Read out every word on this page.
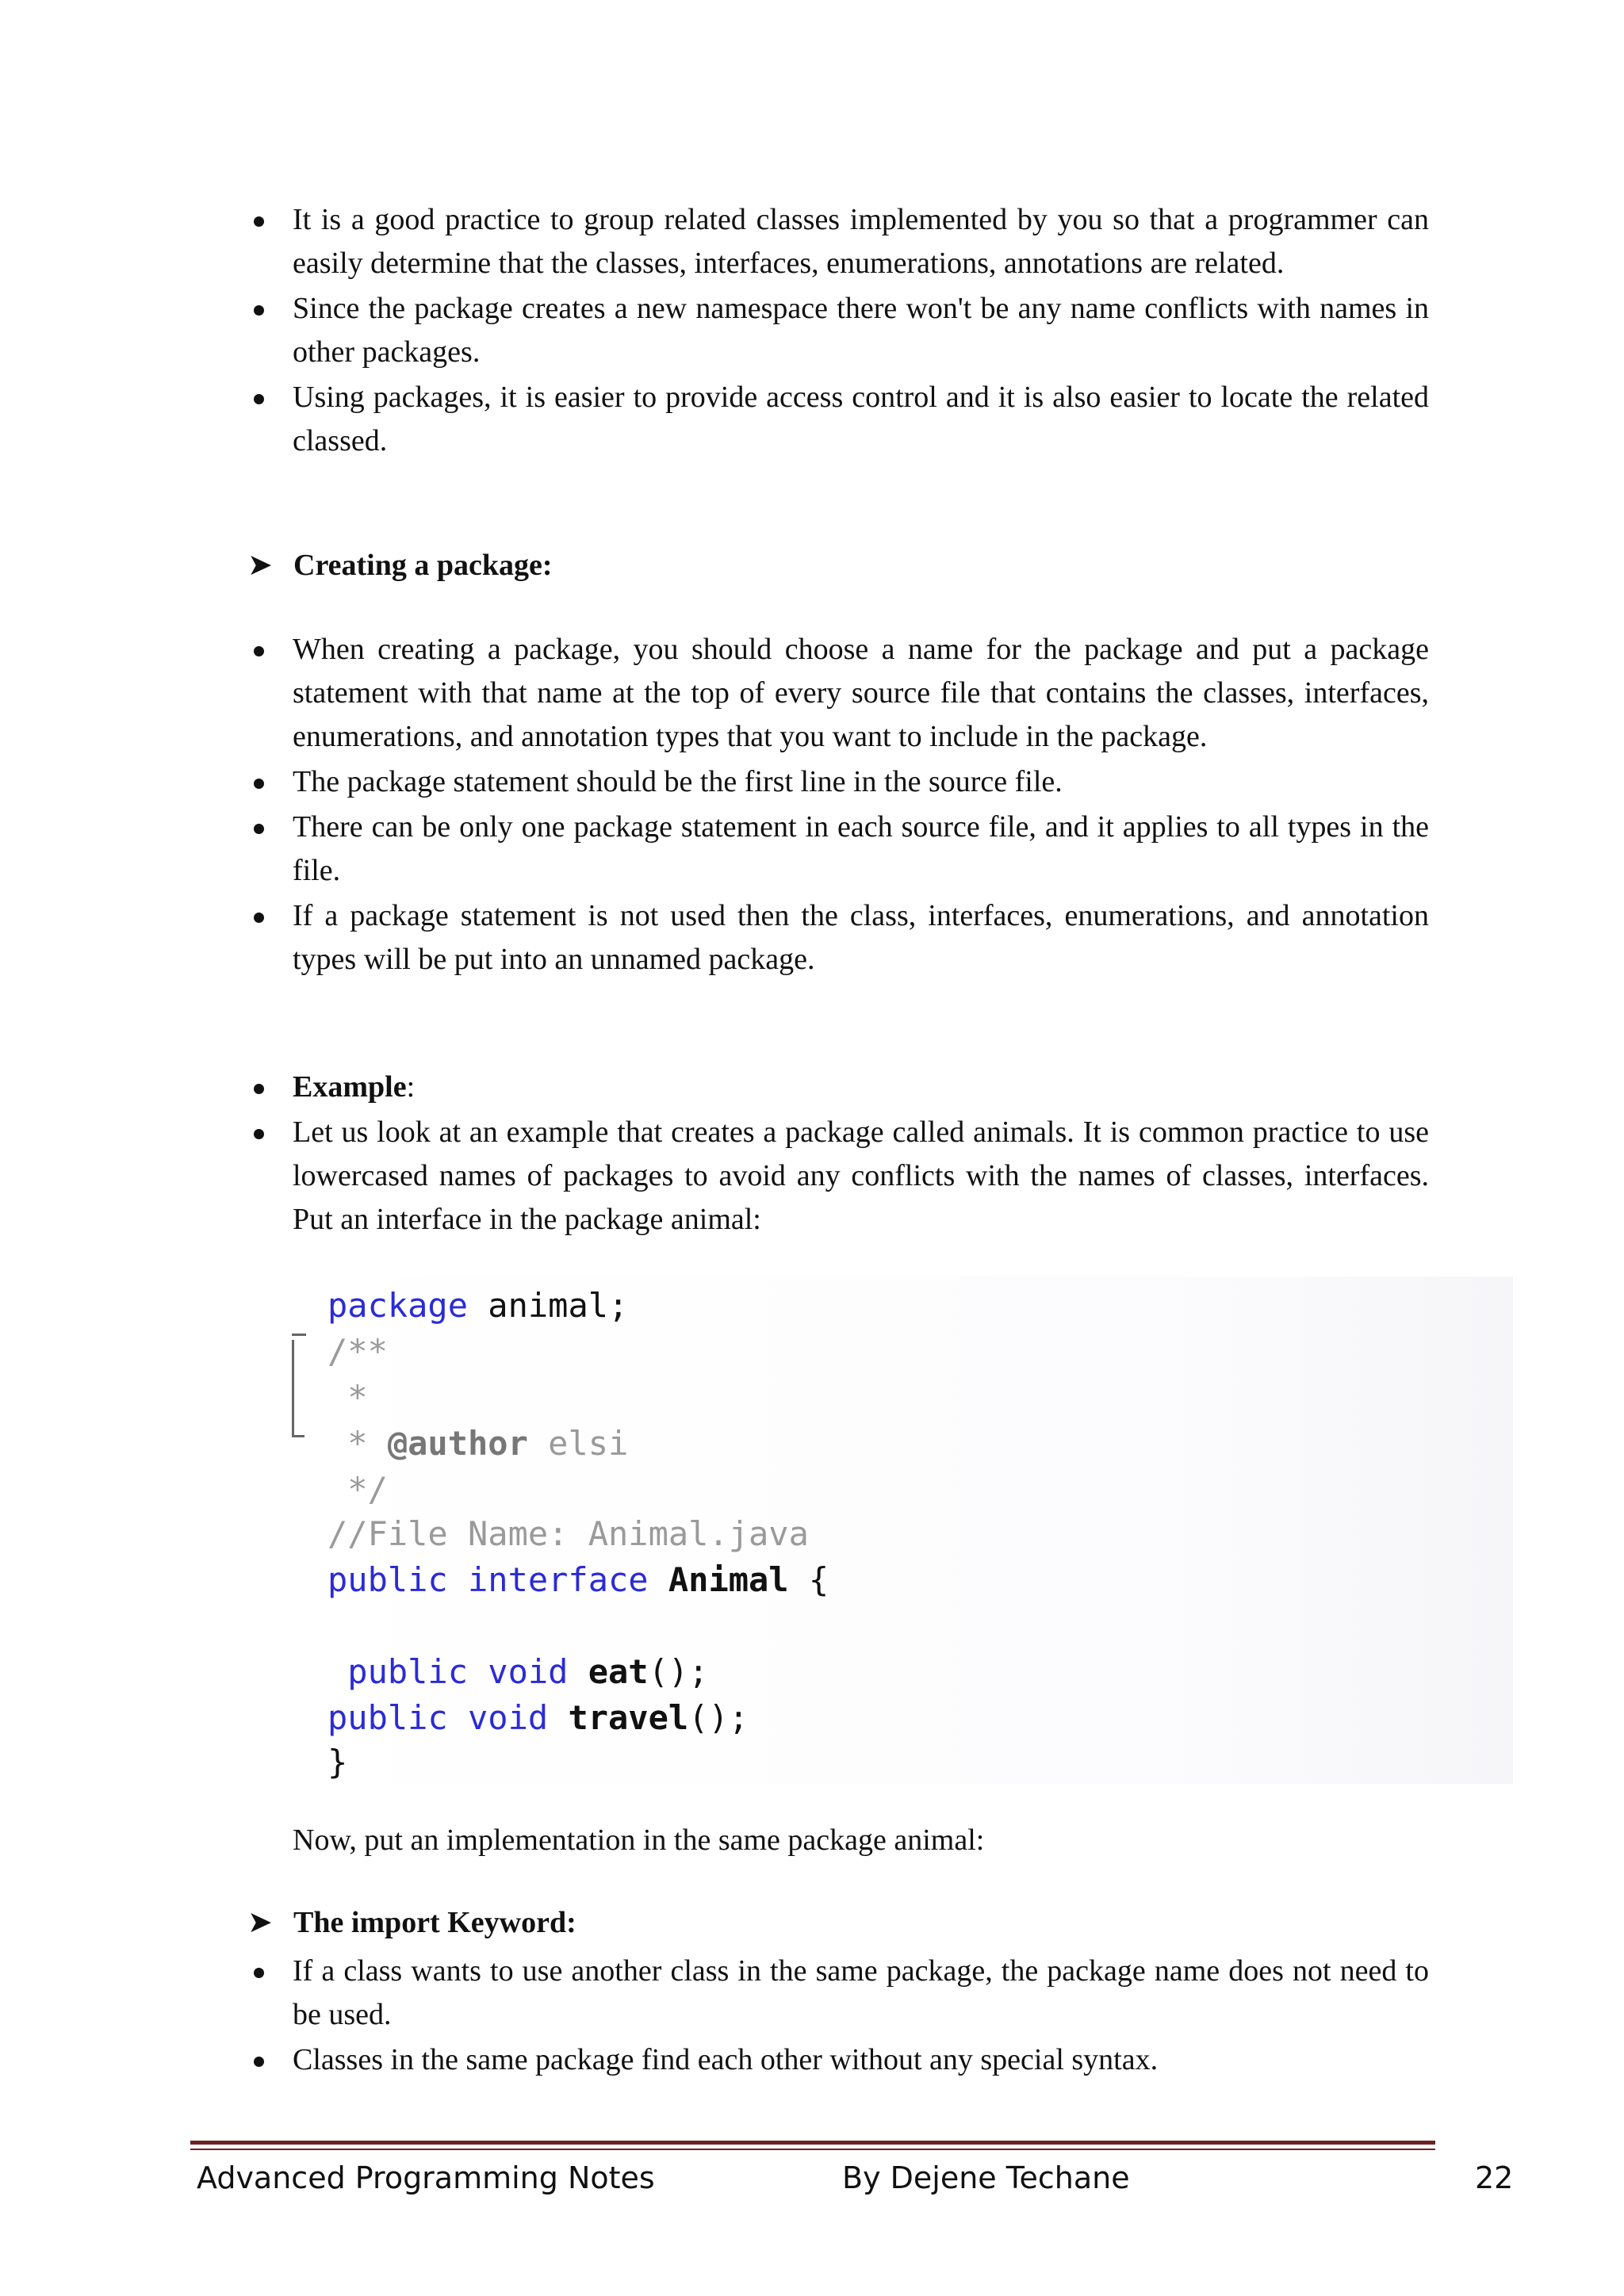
It is a good practice to group related classes implemented by you so that a programmer can easily determine that the classes, interfaces, enumerations, annotations are related.
Since the package creates a new namespace there won't be any name conflicts with names in other packages.
Using packages, it is easier to provide access control and it is also easier to locate the related classed.
➤ Creating a package:
When creating a package, you should choose a name for the package and put a package statement with that name at the top of every source file that contains the classes, interfaces, enumerations, and annotation types that you want to include in the package.
The package statement should be the first line in the source file.
There can be only one package statement in each source file, and it applies to all types in the file.
If a package statement is not used then the class, interfaces, enumerations, and annotation types will be put into an unnamed package.
Example:
Let us look at an example that creates a package called animals. It is common practice to use lowercased names of packages to avoid any conflicts with the names of classes, interfaces. Put an interface in the package animal:
package animal;
/**
*
* @author elsi
*/
//File Name: Animal.java
public interface Animal {
public void eat();
public void travel();
}
Now, put an implementation in the same package animal:
➤ The import Keyword:
If a class wants to use another class in the same package, the package name does not need to be used.
Classes in the same package find each other without any special syntax.
Advanced Programming Notes	By Dejene Techane	22
